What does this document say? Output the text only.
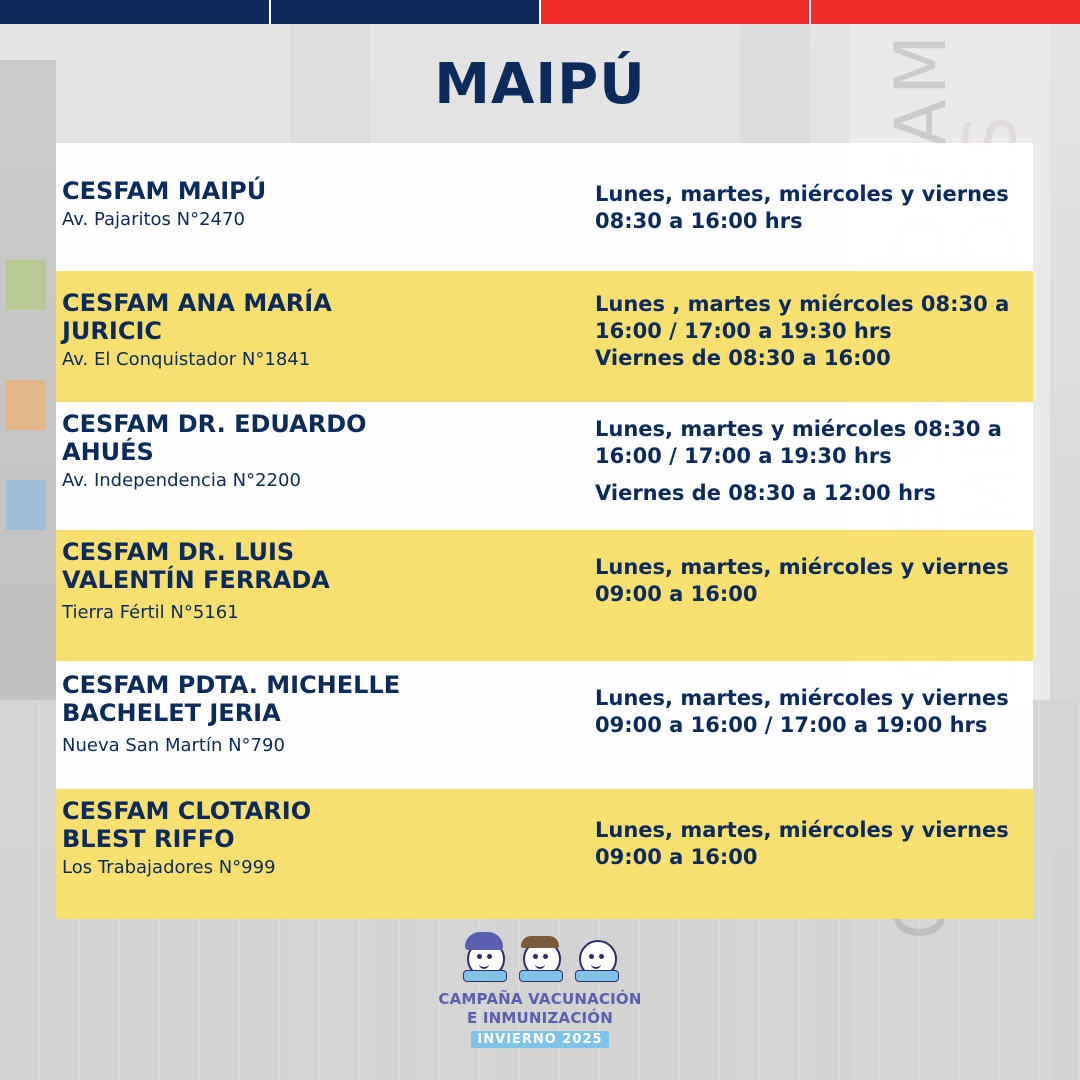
MAIPÚ

CESFAM MAIPÚ

Av. Pajaritos N°2470

Lunes, martes, miércoles y viernes
08:30 a 16:00 hrs

CESFAM ANA MARÍA
JURICIC

Av. El Conquistador N°1841

Lunes , martes y miércoles 08:30 a
16:00 / 17:00 a 19:30 hrs

Viernes de 08:30 a 16:00

CESFAM DR. EDUARDO
AHUÉS

Av. Independencia N°2200

Lunes, martes y miércoles 08:30 a
16:00 / 17:00 a 19:30 hrs

Viernes de 08:30 a 12:00 hrs

CESFAM DR. LUIS
VALENTÍN FERRADA

Tierra Fértil N°5161

Lunes, martes, miércoles y viernes
09:00 a 16:00

CESFAM PDTA. MICHELLE
BACHELET JERIA

Nueva San Martín N°790

Lunes, martes, miércoles y viernes
09:00 a 16:00 / 17:00 a 19:00 hrs

CESFAM CLOTARIO
BLEST RIFFO

Los Trabajadores N°999

Lunes, martes, miércoles y viernes
09:00 a 16:00

CAMPAÑA VACUNACIÓN

E INMUNIZACIÓN

INVIERNO 2025
